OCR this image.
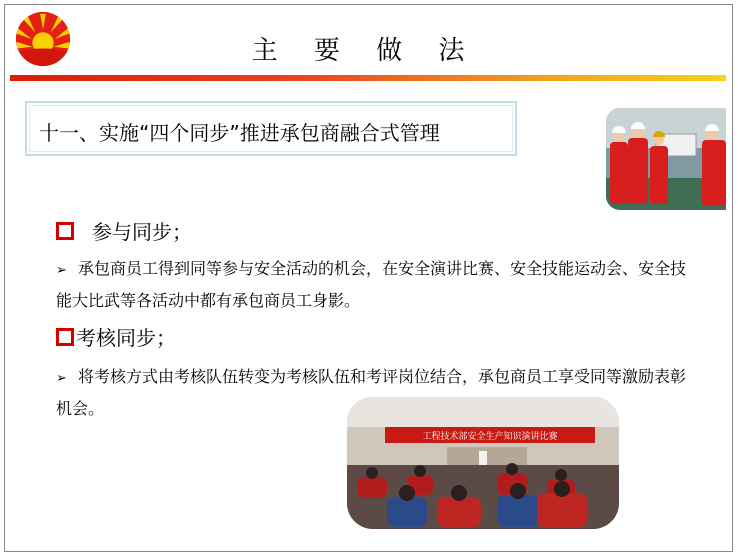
主 要 做 法
十一、实施“四个同步”推进承包商融合式管理
参与同步；
➢ 承包商员工得到同等参与安全活动的机会，在安全演讲比赛、安全技能运动会、安全技能大比武等各活动中都有承包商员工身影。
考核同步；
➢ 将考核方式由考核队伍转变为考核队伍和考评岗位结合，承包商员工享受同等激励表彰机会。
工程技术部安全生产知识演讲比赛
